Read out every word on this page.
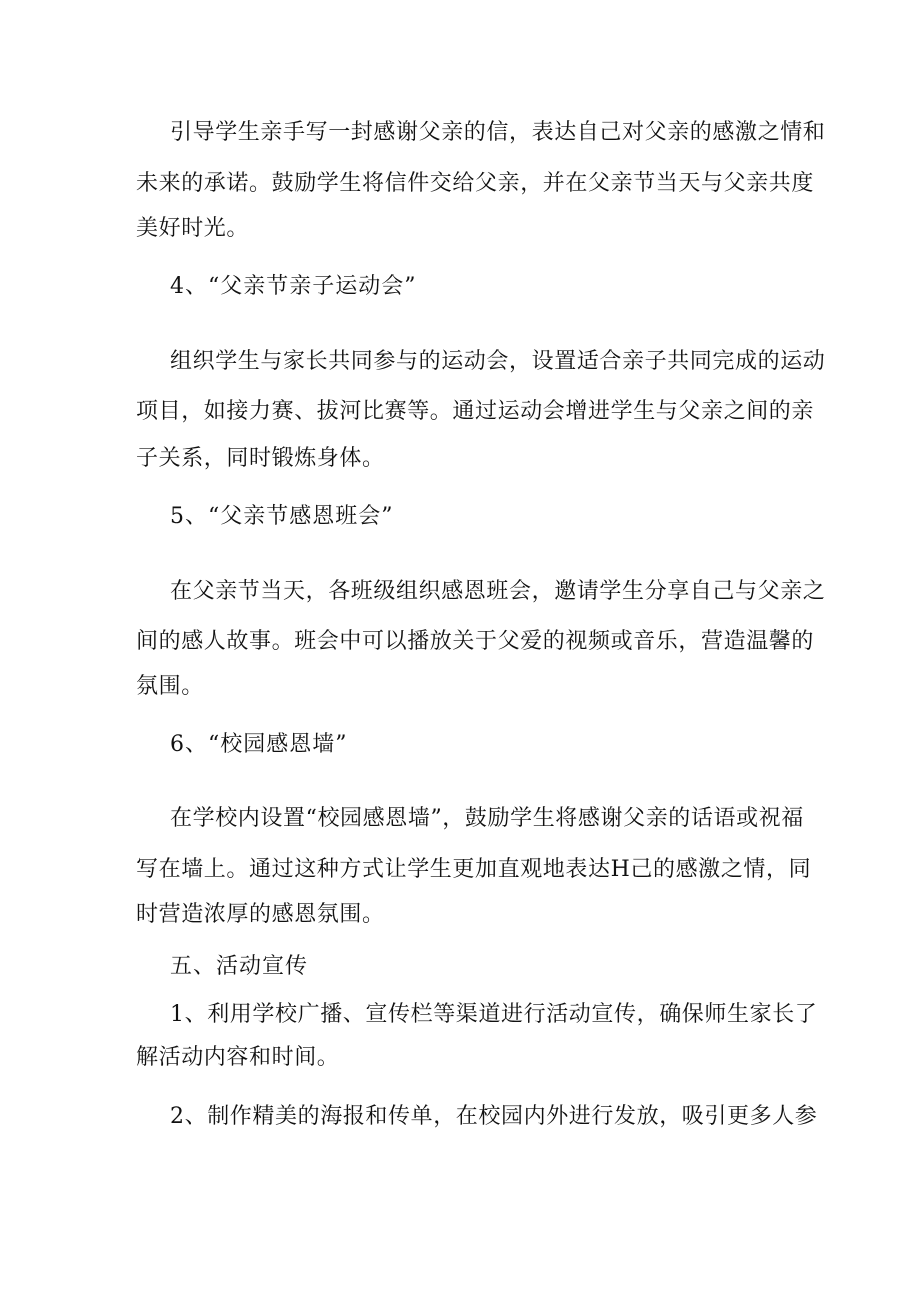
引导学生亲手写一封感谢父亲的信，表达自己对父亲的感激之情和
未来的承诺。鼓励学生将信件交给父亲，并在父亲节当天与父亲共度
美好时光。
4、“父亲节亲子运动会”
组织学生与家长共同参与的运动会，设置适合亲子共同完成的运动
项目，如接力赛、拔河比赛等。通过运动会增进学生与父亲之间的亲
子关系，同时锻炼身体。
5、“父亲节感恩班会”
在父亲节当天，各班级组织感恩班会，邀请学生分享自己与父亲之
间的感人故事。班会中可以播放关于父爱的视频或音乐，营造温馨的
氛围。
6、“校园感恩墙”
在学校内设置“校园感恩墙”，鼓励学生将感谢父亲的话语或祝福
写在墙上。通过这种方式让学生更加直观地表达H己的感激之情，同
时营造浓厚的感恩氛围。
五、活动宣传
1、利用学校广播、宣传栏等渠道进行活动宣传，确保师生家长了
解活动内容和时间。
2、制作精美的海报和传单，在校园内外进行发放，吸引更多人参
